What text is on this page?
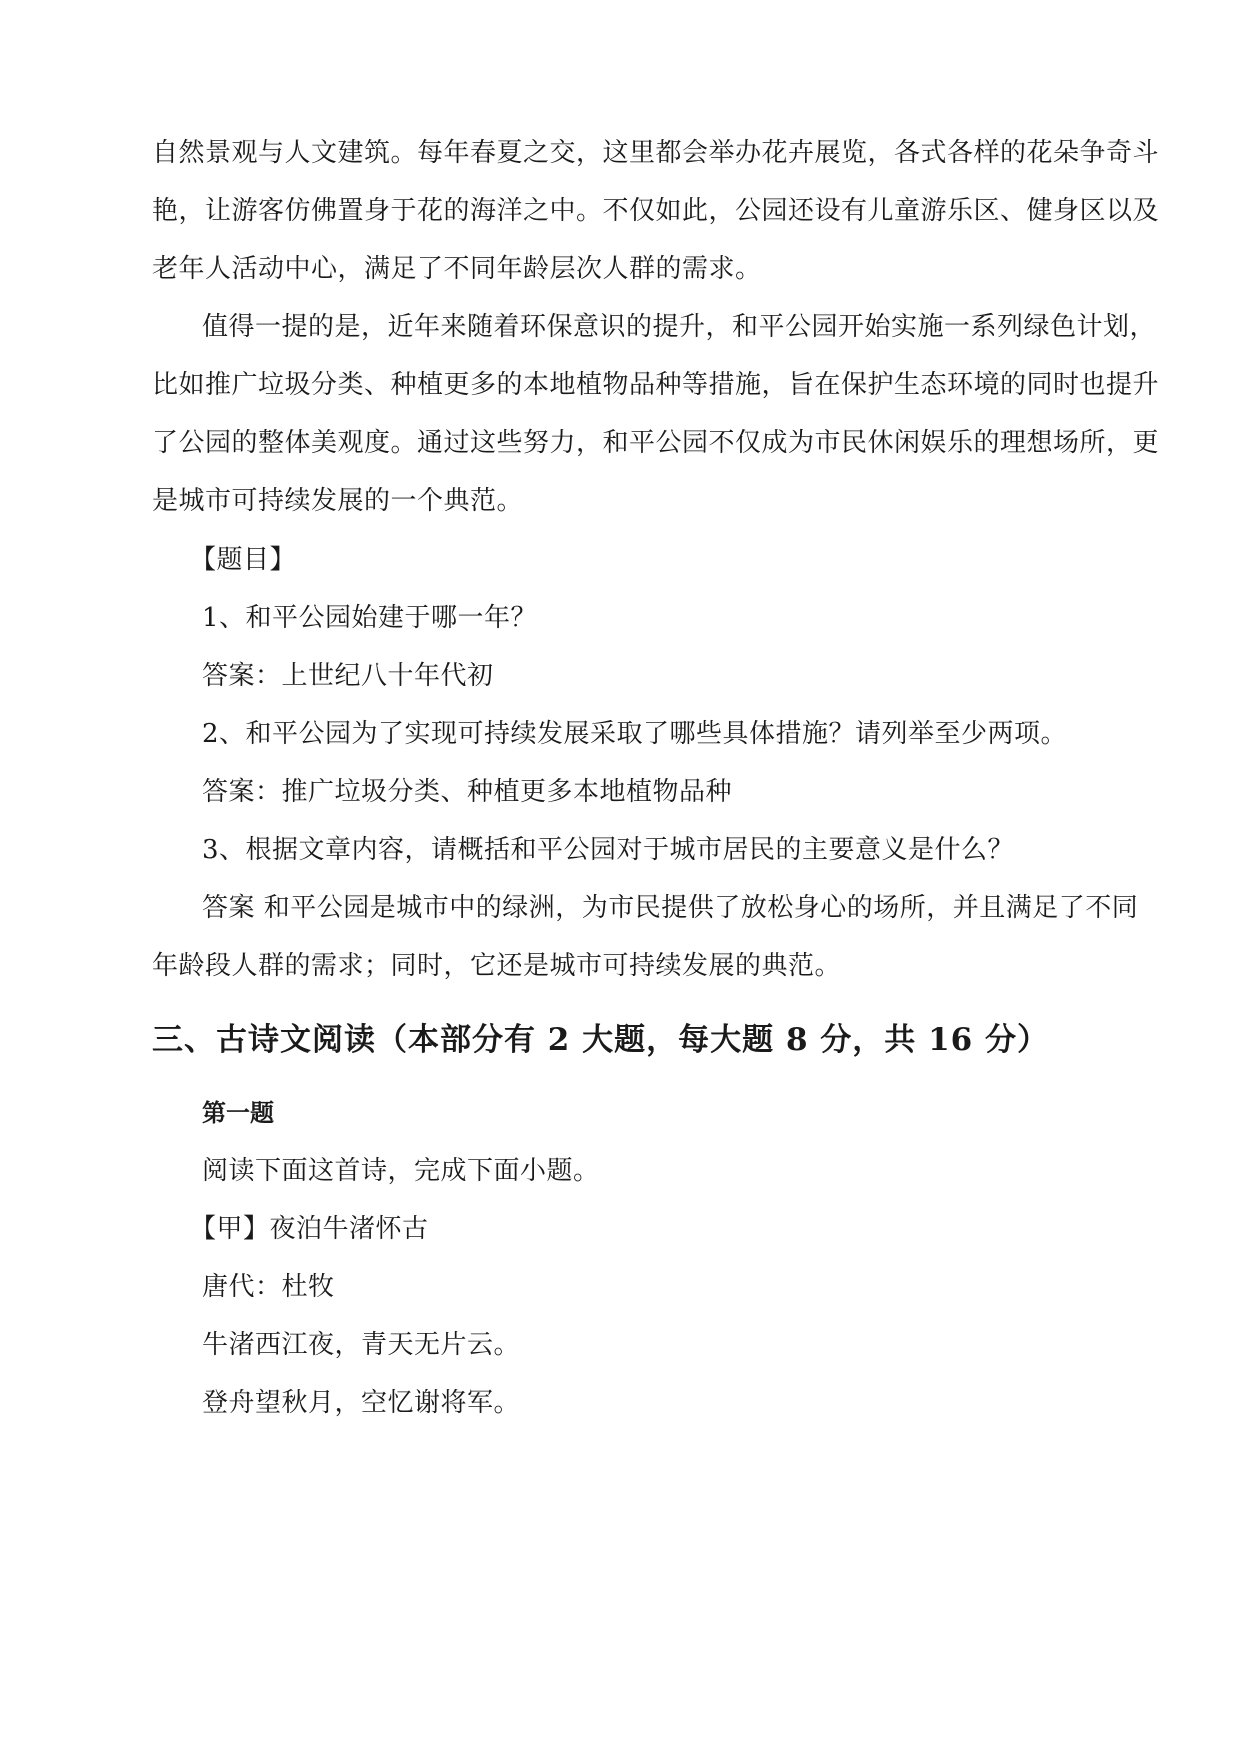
自然景观与人文建筑。每年春夏之交，这里都会举办花卉展览，各式各样的花朵争奇斗
艳，让游客仿佛置身于花的海洋之中。不仅如此，公园还设有儿童游乐区、健身区以及
老年人活动中心，满足了不同年龄层次人群的需求。
值得一提的是，近年来随着环保意识的提升，和平公园开始实施一系列绿色计划，
比如推广垃圾分类、种植更多的本地植物品种等措施，旨在保护生态环境的同时也提升
了公园的整体美观度。通过这些努力，和平公园不仅成为市民休闲娱乐的理想场所，更
是城市可持续发展的一个典范。
【题目】
1、和平公园始建于哪一年？
答案：上世纪八十年代初
2、和平公园为了实现可持续发展采取了哪些具体措施？请列举至少两项。
答案：推广垃圾分类、种植更多本地植物品种
3、根据文章内容，请概括和平公园对于城市居民的主要意义是什么？
答案 和平公园是城市中的绿洲，为市民提供了放松身心的场所，并且满足了不同
年龄段人群的需求；同时，它还是城市可持续发展的典范。
三、古诗文阅读（本部分有 2 大题，每大题 8 分，共 16 分）
第一题
阅读下面这首诗，完成下面小题。
【甲】夜泊牛渚怀古
唐代：杜牧
牛渚西江夜，青天无片云。
登舟望秋月，空忆谢将军。
